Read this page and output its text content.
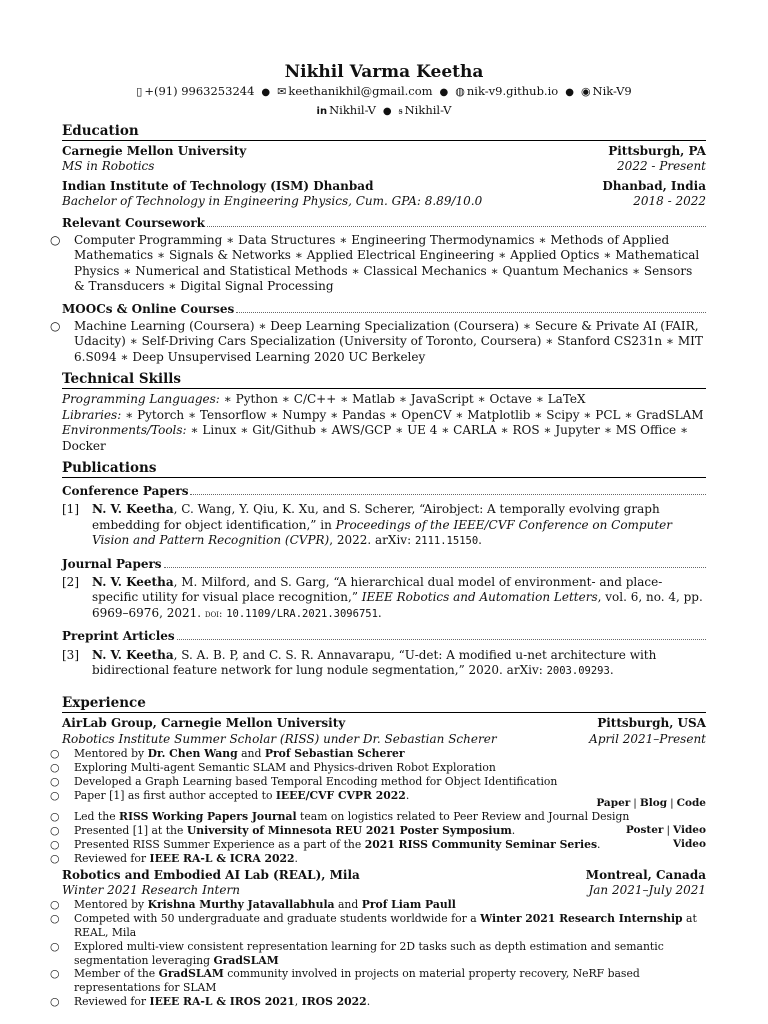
Nikhil Varma Keetha
▯ +(91) 9963253244 ● ✉ keethanikhil@gmail.com ● ◍ nik-v9.github.io ● ◉ Nik-V9
in Nikhil-V ● ꭶ Nikhil-V
Education
Carnegie Mellon University	Pittsburgh, PA
MS in Robotics	2022 - Present
Indian Institute of Technology (ISM) Dhanbad	Dhanbad, India
Bachelor of Technology in Engineering Physics, Cum. GPA: 8.89/10.0	2018 - 2022
Relevant Coursework
○ Computer Programming ∗ Data Structures ∗ Engineering Thermodynamics ∗ Methods of Applied Mathematics ∗ Signals & Networks ∗ Applied Electrical Engineering ∗ Applied Optics ∗ Mathematical Physics ∗ Numerical and Statistical Methods ∗ Classical Mechanics ∗ Quantum Mechanics ∗ Sensors & Transducers ∗ Digital Signal Processing
MOOCs & Online Courses
○ Machine Learning (Coursera) ∗ Deep Learning Specialization (Coursera) ∗ Secure & Private AI (FAIR, Udacity) ∗ Self-Driving Cars Specialization (University of Toronto, Coursera) ∗ Stanford CS231n ∗ MIT 6.S094 ∗ Deep Unsupervised Learning 2020 UC Berkeley
Technical Skills
Programming Languages: ∗ Python ∗ C/C++ ∗ Matlab ∗ JavaScript ∗ Octave ∗ LaTeX
Libraries: ∗ Pytorch ∗ Tensorflow ∗ Numpy ∗ Pandas ∗ OpenCV ∗ Matplotlib ∗ Scipy ∗ PCL ∗ GradSLAM
Environments/Tools: ∗ Linux ∗ Git/Github ∗ AWS/GCP ∗ UE 4 ∗ CARLA ∗ ROS ∗ Jupyter ∗ MS Office ∗ Docker
Publications
Conference Papers
[1]	N. V. Keetha, C. Wang, Y. Qiu, K. Xu, and S. Scherer, “Airobject: A temporally evolving graph embedding for object identification,” in Proceedings of the IEEE/CVF Conference on Computer Vision and Pattern Recognition (CVPR), 2022. arXiv: 2111.15150.
Journal Papers
[2]	N. V. Keetha, M. Milford, and S. Garg, “A hierarchical dual model of environment- and place-specific utility for visual place recognition,” IEEE Robotics and Automation Letters, vol. 6, no. 4, pp. 6969–6976, 2021. doi: 10.1109/LRA.2021.3096751.
Preprint Articles
[3]	N. V. Keetha, S. A. B. P, and C. S. R. Annavarapu, “U-det: A modified u-net architecture with bidirectional feature network for lung nodule segmentation,” 2020. arXiv: 2003.09293.
Experience
AirLab Group, Carnegie Mellon University	Pittsburgh, USA
Robotics Institute Summer Scholar (RISS) under Dr. Sebastian Scherer	April 2021–Present
○ Mentored by Dr. Chen Wang and Prof Sebastian Scherer
○ Exploring Multi-agent Semantic SLAM and Physics-driven Robot Exploration
○ Developed a Graph Learning based Temporal Encoding method for Object Identification
○ Paper [1] as first author accepted to IEEE/CVF CVPR 2022.
Paper | Blog | Code
○ Led the RISS Working Papers Journal team on logistics related to Peer Review and Journal Design
○ Presented [1] at the University of Minnesota REU 2021 Poster Symposium.	Poster | Video
○ Presented RISS Summer Experience as a part of the 2021 RISS Community Seminar Series.	Video
○ Reviewed for IEEE RA-L & ICRA 2022.
Robotics and Embodied AI Lab (REAL), Mila	Montreal, Canada
Winter 2021 Research Intern	Jan 2021–July 2021
○ Mentored by Krishna Murthy Jatavallabhula and Prof Liam Paull
○ Competed with 50 undergraduate and graduate students worldwide for a Winter 2021 Research Internship at REAL, Mila
○ Explored multi-view consistent representation learning for 2D tasks such as depth estimation and semantic segmentation leveraging GradSLAM
○ Member of the GradSLAM community involved in projects on material property recovery, NeRF based representations for SLAM
○ Reviewed for IEEE RA-L & IROS 2021, IROS 2022.
